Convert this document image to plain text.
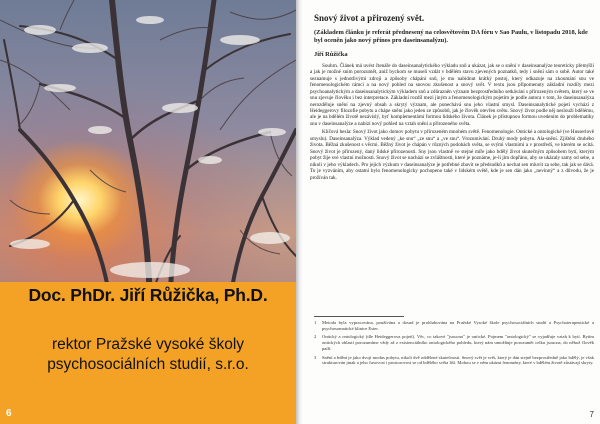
Doc. PhDr. Jiří Růžička, Ph.D.
rektor Pražské vysoké školy
psychosociálních studií, s.r.o.
6
Snový život a přirozený svět.
(Základem článku je referát přednesený na celosvětovém DA fóru v Sao Paulu, v listopadu 2018, kde byl oceněn jako nový přínos pro daseinsanalýzu).
Jiří Růžička

Souhrn. Článek má uvést čtenáře do daseinsanalytického výkladu snů a ukázat, jak se o snění v daseinsanalýze teoreticky přemýšlí a jak je možné sním porozumět, aniž bychom se museli vzdát v bdělém stavu zjevených poznatků, tedy i snění sám o sobě. Autor také seznamuje s jednotlivými zdroji a způsoby chápání snů, je mu nabídnut krátký postoj, který odkazuje na zkoumání snu ve fenomenologickém rámci a na nový pohled na snovou zkušenost a snový svět. V textu jsou připomenuty základní rozdíly mezi psychoanalytickým a daseinsanalytickým výkladem snů a zdůrazněn význam bezprostředního setkávání s přirozeným světem, který se ve snu zjevuje člověku i bez interpretace. Základní rozdíl mezi jiným a fenomenologickým pojetím je podle autora v tom, že daseinsanalýza nerozděluje snění na zjevný obsah a skrytý význam, ale ponechává snu jeho vlastní smysl. Daseinsanalytické pojetí vychází z Heideggerovy filozofie pobytu a chápe snění jako jeden ze způsobů, jak je člověk otevřen světu. Snový život podle něj neslouží bdělému, ale je na bdělém životě nezávislý, byť komplementární formou lidského života. Článek je přístupnou formou uvedením do problematiky snu v daseinsanalýze a nabízí nový pohled na vztah snění a přirozeného světa.

Klíčová hesla: Snový život jako domov pobytu v přirozeném mnohém světě. Fenomenologie. Ontické a ontologické (ve Husserlově smyslu). Daseinsanalýza. Výklad vedený „ke snu“ „ze snu“ a „ve snu“. Vrozumívání. Druhý mody pobytu. Ala-snění. Zjištění druhého života. Běžná zkušenost s věcmi. Běžný život je chápán v různých podobách světa, se svými vlastními a v prostředí, ve kterém se ocitá. Snový život je přirozený, daný lidské přirozenosti. Sny jsou vlastně ve stejné míře jako bdělý život skutečným způsobem bytí, kterým pobyt žije své vlastní možnosti. Snový život se nachází se zvláštnosti, které je poznáme, je-li jim dopřáno, aby se ukázaly samy od sebe, a nikoli v jeho výkladech. Pro jejich výzkum v daseinsanalýze je potřebné zbavit se předsudků a nechat sen mluvit za sebe, tak jak se dává. To je vyzváním, aby ostatní bylo fenomenologicky pochopeno také v lidském světě, kde je sen dán jako „nevinný“ a z důvodu, že je prožíván tak.

1	Metoda byla vypracována, používána a dosud je prohlubována na Pražské Vysoké škole psychosociálních studií a Psychoterapeutické a psychosomatické klinice Ester.
2	Ontický a ontologický (dle Heideggerova pojetí). Věc, co takové "jsoucno" je ontické. Pojmem "ontologický" se vyjadřuje vztah k bytí. Bytím ontických oblastí porozumíme vždy až z existenciálního ontologického pohledu, který nám umožňuje porozumět celku jsoucna, do něhož člověk patří.
3	Snění a bdění je jako dvojí modus pobytu, nikoli dvě oddělené skutečnosti. Snový svět je svět, který je dán stejně bezprostředně jako bdělý, je však strukturován jinak a jeho časovost i prostorovost se od bdělého světa liší. Mohou se v něm ukázat fenomény, které v bdělém životě zůstávají skryty.
7
